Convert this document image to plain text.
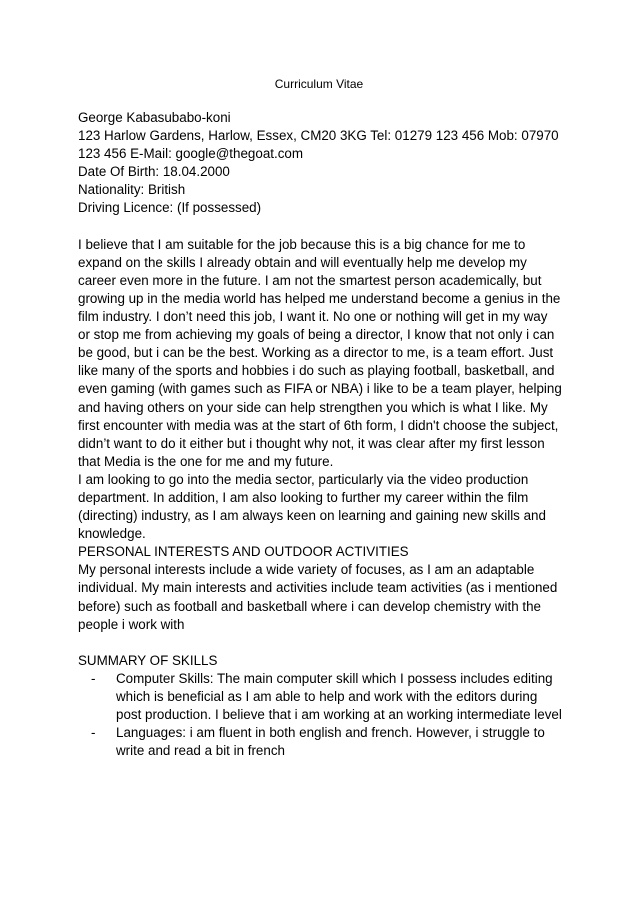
Curriculum Vitae
George Kabasubabo-koni
123 Harlow Gardens, Harlow, Essex, CM20 3KG Tel: 01279 123 456 Mob: 07970
123 456 E-Mail: google@thegoat.com
Date Of Birth: 18.04.2000
Nationality: British
Driving Licence: (If possessed)

I believe that I am suitable for the job because this is a big chance for me to expand on the skills I already obtain and will eventually help me develop my career even more in the future. I am not the smartest person academically, but growing up in the media world has helped me understand become a genius in the film industry. I don’t need this job, I want it. No one or nothing will get in my way or stop me from achieving my goals of being a director, I know that not only i can be good, but i can be the best. Working as a director to me, is a team effort. Just like many of the sports and hobbies i do such as playing football, basketball, and even gaming (with games such as FIFA or NBA) i like to be a team player, helping and having others on your side can help strengthen you which is what I like. My first encounter with media was at the start of 6th form, I didn't choose the subject, didn’t want to do it either but i thought why not, it was clear after my first lesson that Media is the one for me and my future.

I am looking to go into the media sector, particularly via the video production department. In addition, I am also looking to further my career within the film (directing) industry, as I am always keen on learning and gaining new skills and knowledge.

PERSONAL INTERESTS AND OUTDOOR ACTIVITIES

My personal interests include a wide variety of focuses, as I am an adaptable individual. My main interests and activities include team activities (as i mentioned before) such as football and basketball where i can develop chemistry with the people i work with

SUMMARY OF SKILLS
- Computer Skills: The main computer skill which I possess includes editing which is beneficial as I am able to help and work with the editors during post production. I believe that i am working at an working intermediate level
- Languages: i am fluent in both english and french. However, i struggle to write and read a bit in french
